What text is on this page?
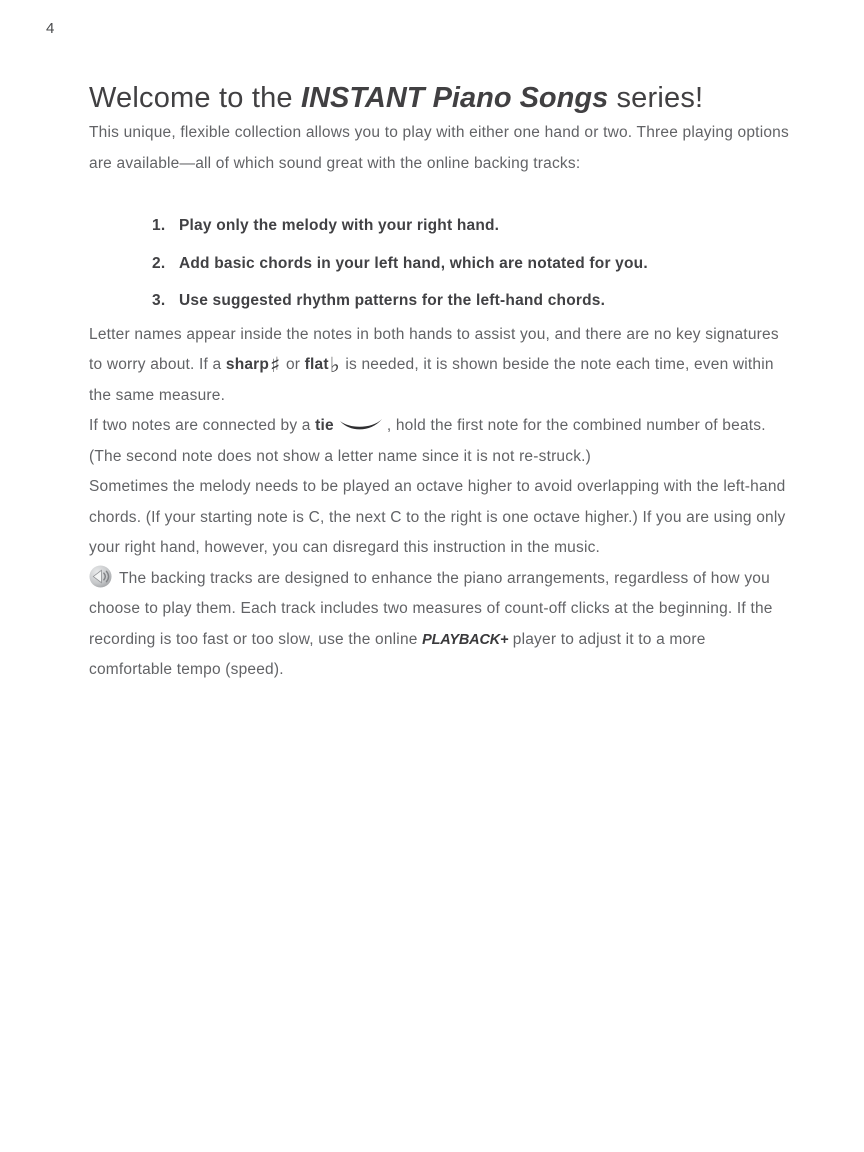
4
Welcome to the INSTANT Piano Songs series!

This unique, flexible collection allows you to play with either one hand or two. Three playing options are available—all of which sound great with the online backing tracks:

1. Play only the melody with your right hand.
2. Add basic chords in your left hand, which are notated for you.
3. Use suggested rhythm patterns for the left-hand chords.

Letter names appear inside the notes in both hands to assist you, and there are no key signatures to worry about. If a sharp♯ or flat♭ is needed, it is shown beside the note each time, even within the same measure.

If two notes are connected by a tie	, hold the first note for the combined number of beats. (The second note does not show a letter name since it is not re-struck.)

Sometimes the melody needs to be played an octave higher to avoid overlapping with the left-hand chords. (If your starting note is C, the next C to the right is one octave higher.) If you are using only your right hand, however, you can disregard this instruction in the music.

The backing tracks are designed to enhance the piano arrangements, regardless of how you choose to play them. Each track includes two measures of count-off clicks at the beginning. If the recording is too fast or too slow, use the online PLAYBACK+ player to adjust it to a more comfortable tempo (speed).
